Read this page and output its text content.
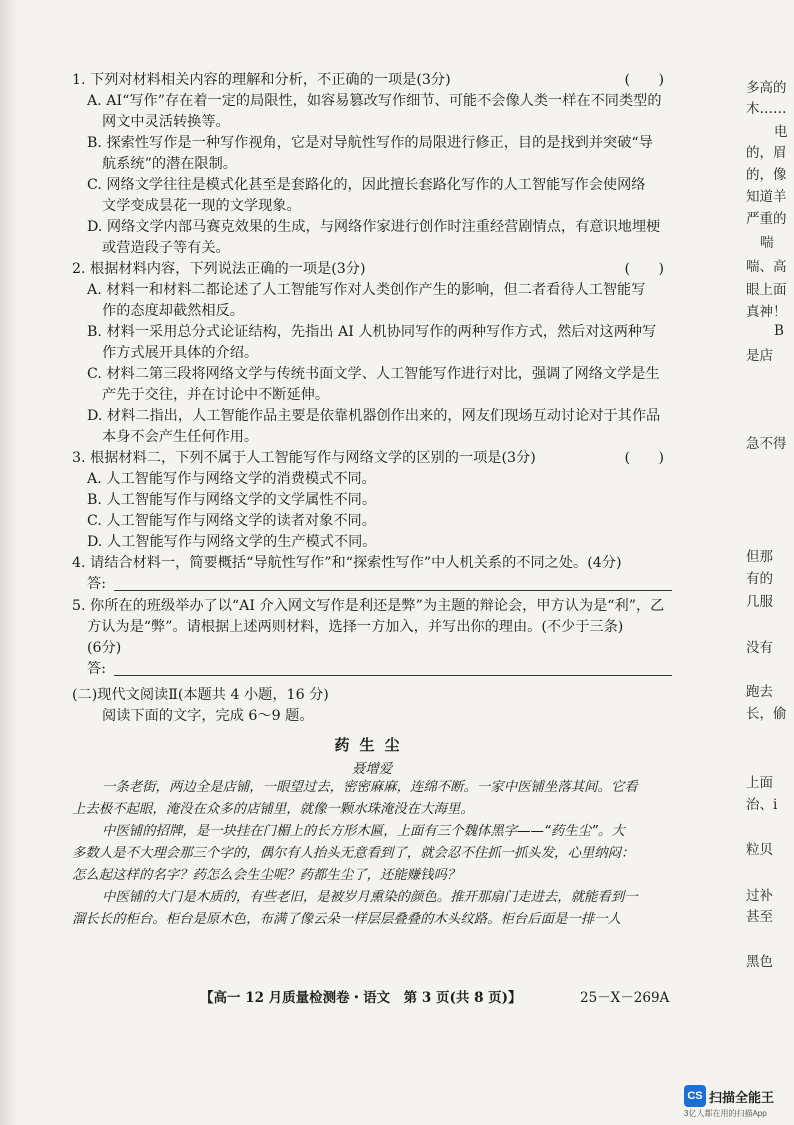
1. 下列对材料相关内容的理解和分析，不正确的一项是(3分)	(　　)
A. AI“写作”存在着一定的局限性，如容易篡改写作细节、可能不会像人类一样在不同类型的
网文中灵活转换等。
B. 探索性写作是一种写作视角，它是对导航性写作的局限进行修正，目的是找到并突破“导
航系统”的潜在限制。
C. 网络文学往往是模式化甚至是套路化的，因此擅长套路化写作的人工智能写作会使网络
文学变成昙花一现的文学现象。
D. 网络文学内部马赛克效果的生成，与网络作家进行创作时注重经营剧情点，有意识地埋梗
或营造段子等有关。
2. 根据材料内容，下列说法正确的一项是(3分)	(　　)
A. 材料一和材料二都论述了人工智能写作对人类创作产生的影响，但二者看待人工智能写
作的态度却截然相反。
B. 材料一采用总分式论证结构，先指出 AI 人机协同写作的两种写作方式，然后对这两种写
作方式展开具体的介绍。
C. 材料二第三段将网络文学与传统书面文学、人工智能写作进行对比，强调了网络文学是生
产先于交往，并在讨论中不断延伸。
D. 材料二指出，人工智能作品主要是依靠机器创作出来的，网友们现场互动讨论对于其作品
本身不会产生任何作用。
3. 根据材料二，下列不属于人工智能写作与网络文学的区别的一项是(3分)	(　　)
A. 人工智能写作与网络文学的消费模式不同。
B. 人工智能写作与网络文学的文学属性不同。
C. 人工智能写作与网络文学的读者对象不同。
D. 人工智能写作与网络文学的生产模式不同。
4. 请结合材料一，简要概括“导航性写作”和“探索性写作”中人机关系的不同之处。(4分)
答:
5. 你所在的班级举办了以“AI 介入网文写作是利还是弊”为主题的辩论会，甲方认为是“利”，乙
方认为是“弊”。请根据上述两则材料，选择一方加入，并写出你的理由。(不少于三条)
(6分)
答:
(二)现代文阅读Ⅱ(本题共 4 小题，16 分)
阅读下面的文字，完成 6～9 题。
药生尘
聂增爱
一条老街，两边全是店铺，一眼望过去，密密麻麻，连绵不断。一家中医铺坐落其间。它看
上去极不起眼，淹没在众多的店铺里，就像一颗水珠淹没在大海里。
中医铺的招牌，是一块挂在门楣上的长方形木匾，上面有三个魏体黑字——“药生尘”。大
多数人是不大理会那三个字的，偶尔有人抬头无意看到了，就会忍不住抓一抓头发，心里纳闷：
怎么起这样的名字？药怎么会生尘呢？药都生尘了，还能赚钱吗？
中医铺的大门是木质的，有些老旧，是被岁月熏染的颜色。推开那扇门走进去，就能看到一
溜长长的柜台。柜台是原木色，布满了像云朵一样层层叠叠的木头纹路。柜台后面是一排一人
【高一 12 月质量检测卷・语文　第 3 页(共 8 页)】	25－X－269A
多高的
木……
电
的，眉
的，像
知道羊
严重的
喘
喘、高
眼上面
真神！
B
是店
急不得
但那
有的
几服
没有
跑去
长，偷
上面
治、i
粒贝
过补
甚至
黑色
CS 扫描全能王
3亿人都在用的扫描App
